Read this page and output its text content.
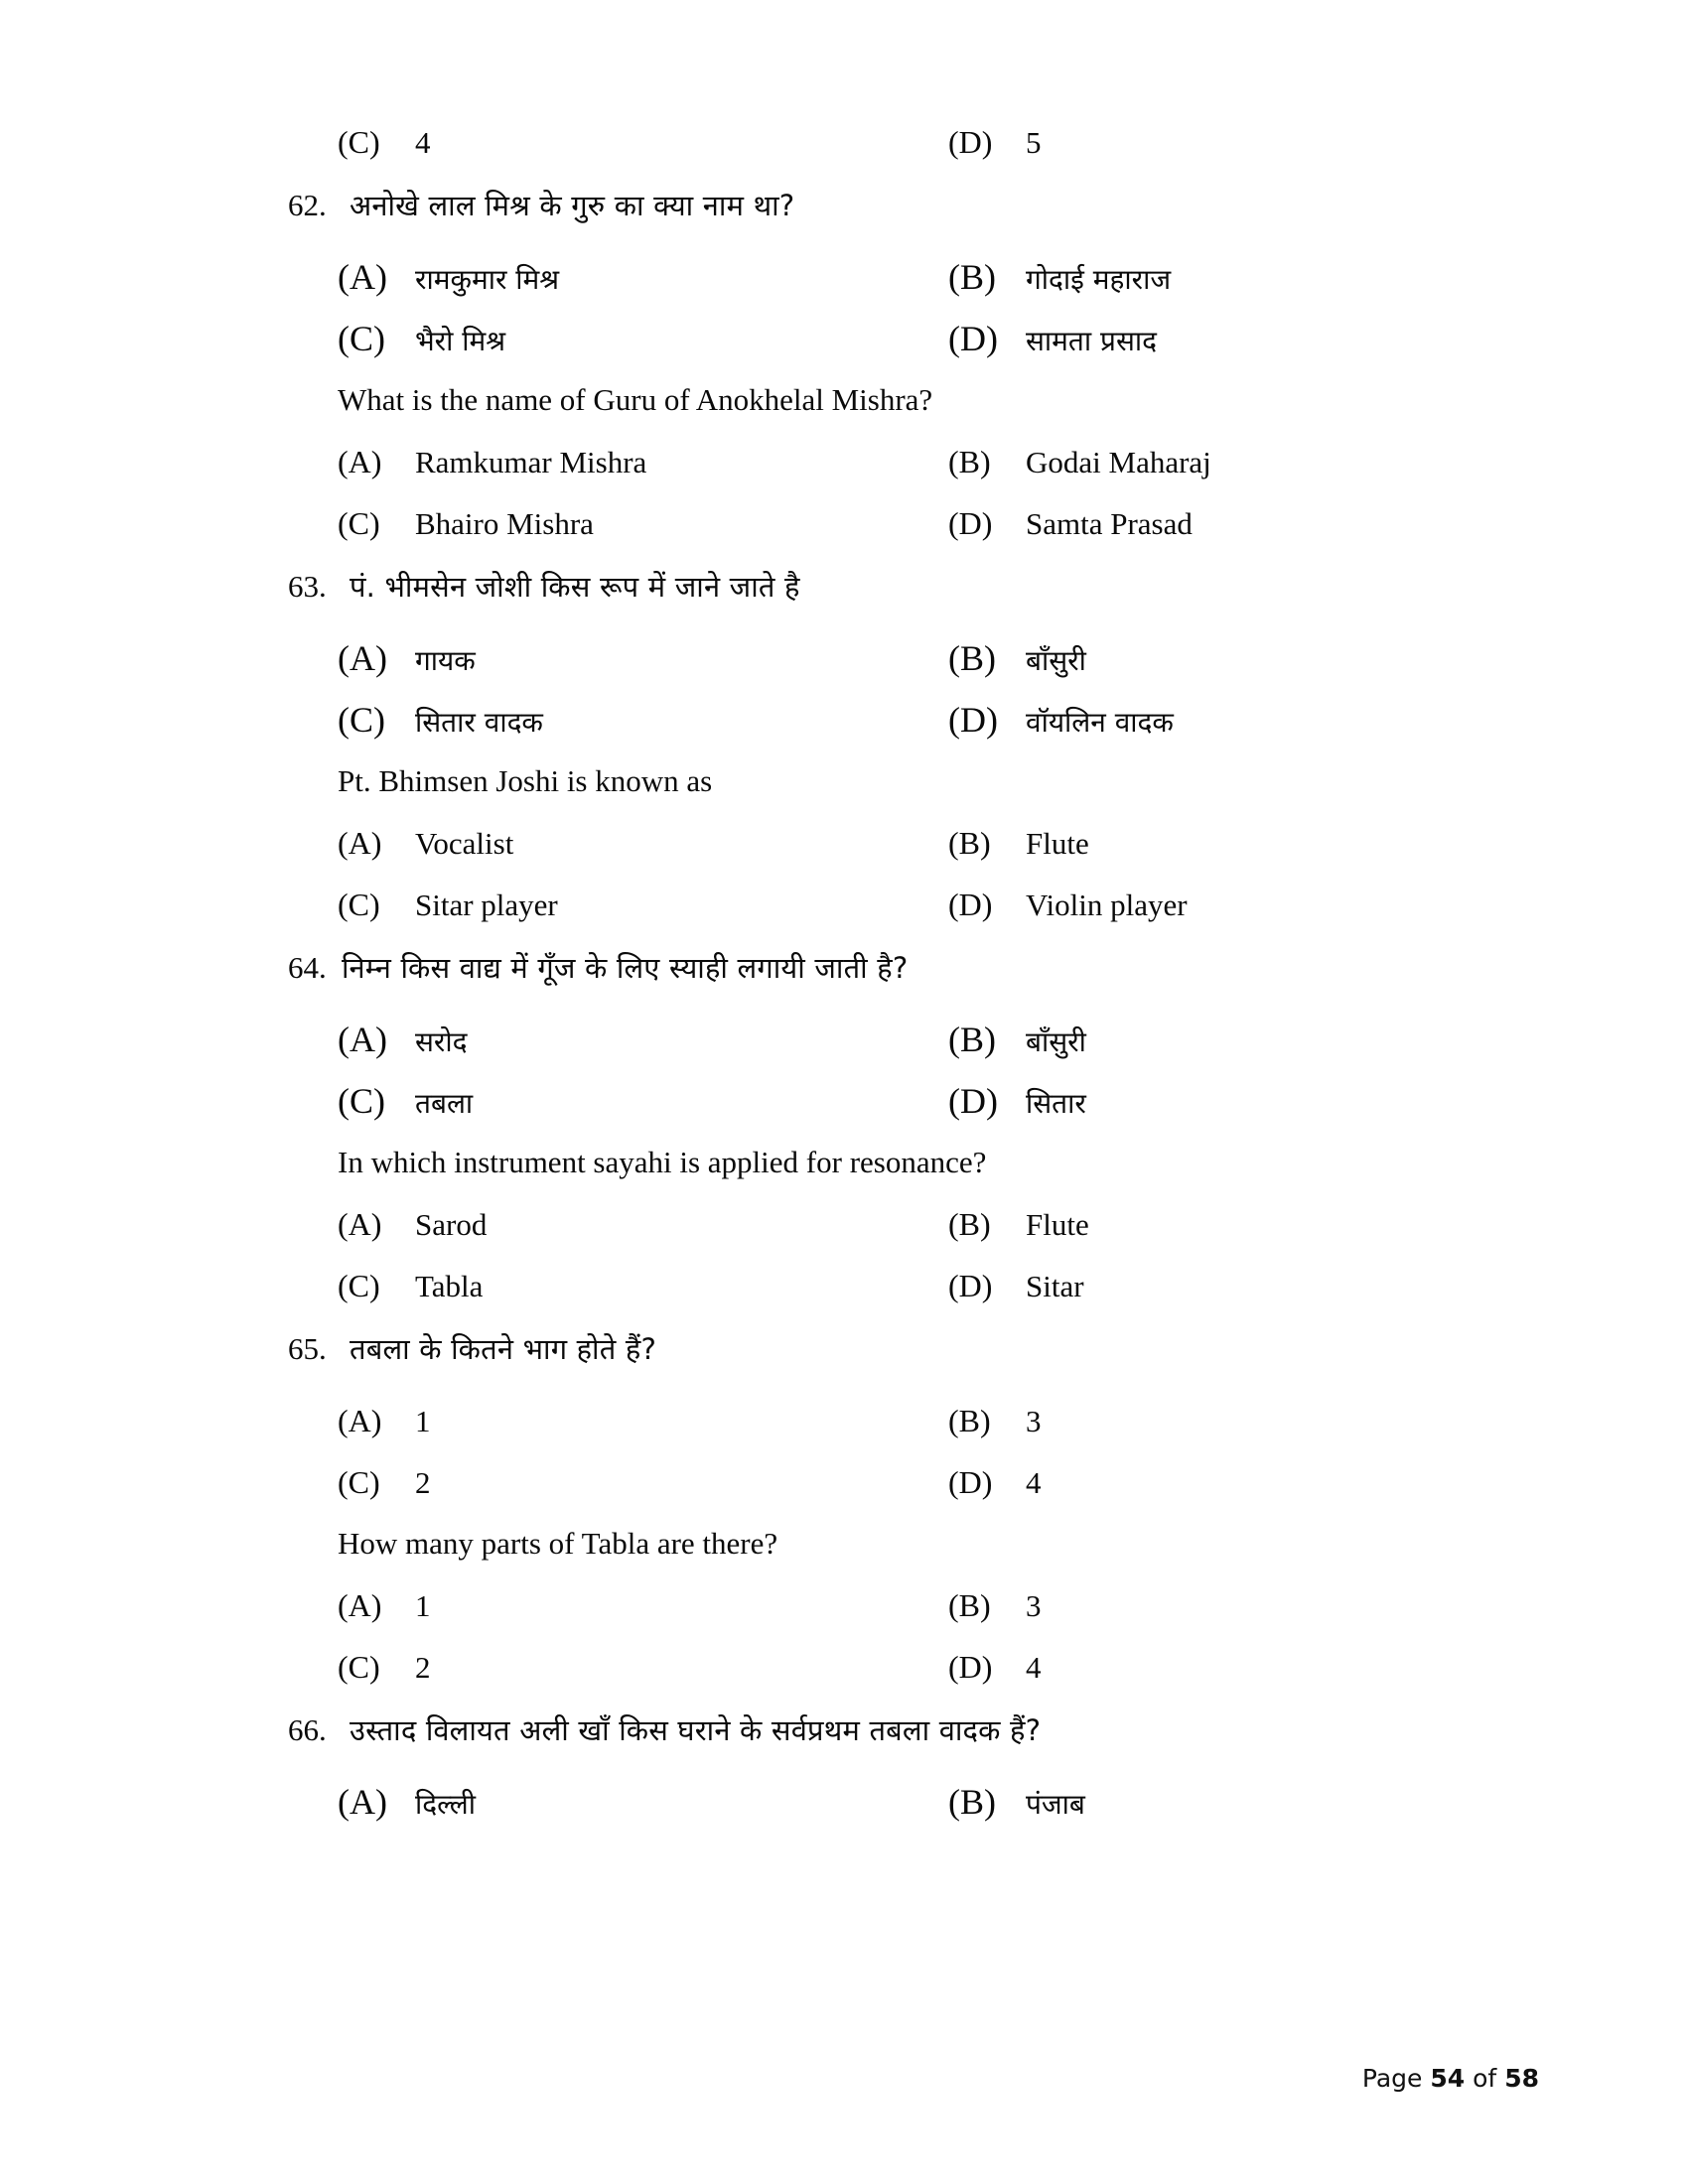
(C) 4	(D) 5
62. अनोखे लाल मिश्र के गुरु का क्या नाम था?
(A) रामकुमार मिश्र	(B) गोदाई महाराज
(C) भैरो मिश्र	(D) सामता प्रसाद
What is the name of Guru of Anokhelal Mishra?
(A) Ramkumar Mishra	(B) Godai Maharaj
(C) Bhairo Mishra	(D) Samta Prasad
63. पं. भीमसेन जोशी किस रूप में जाने जाते है
(A) गायक	(B) बाँसुरी
(C) सितार वादक	(D) वॉयलिन वादक
Pt. Bhimsen Joshi is known as
(A) Vocalist	(B) Flute
(C) Sitar player	(D) Violin player
64. निम्न किस वाद्य में गूँज के लिए स्याही लगायी जाती है?
(A) सरोद	(B) बाँसुरी
(C) तबला	(D) सितार
In which instrument sayahi is applied for resonance?
(A) Sarod	(B) Flute
(C) Tabla	(D) Sitar
65. तबला के कितने भाग होते हैं?
(A) 1	(B) 3
(C) 2	(D) 4
How many parts of Tabla are there?
(A) 1	(B) 3
(C) 2	(D) 4
66. उस्ताद विलायत अली खाँ किस घराने के सर्वप्रथम तबला वादक हैं?
(A) दिल्ली	(B) पंजाब
Page 54 of 58
